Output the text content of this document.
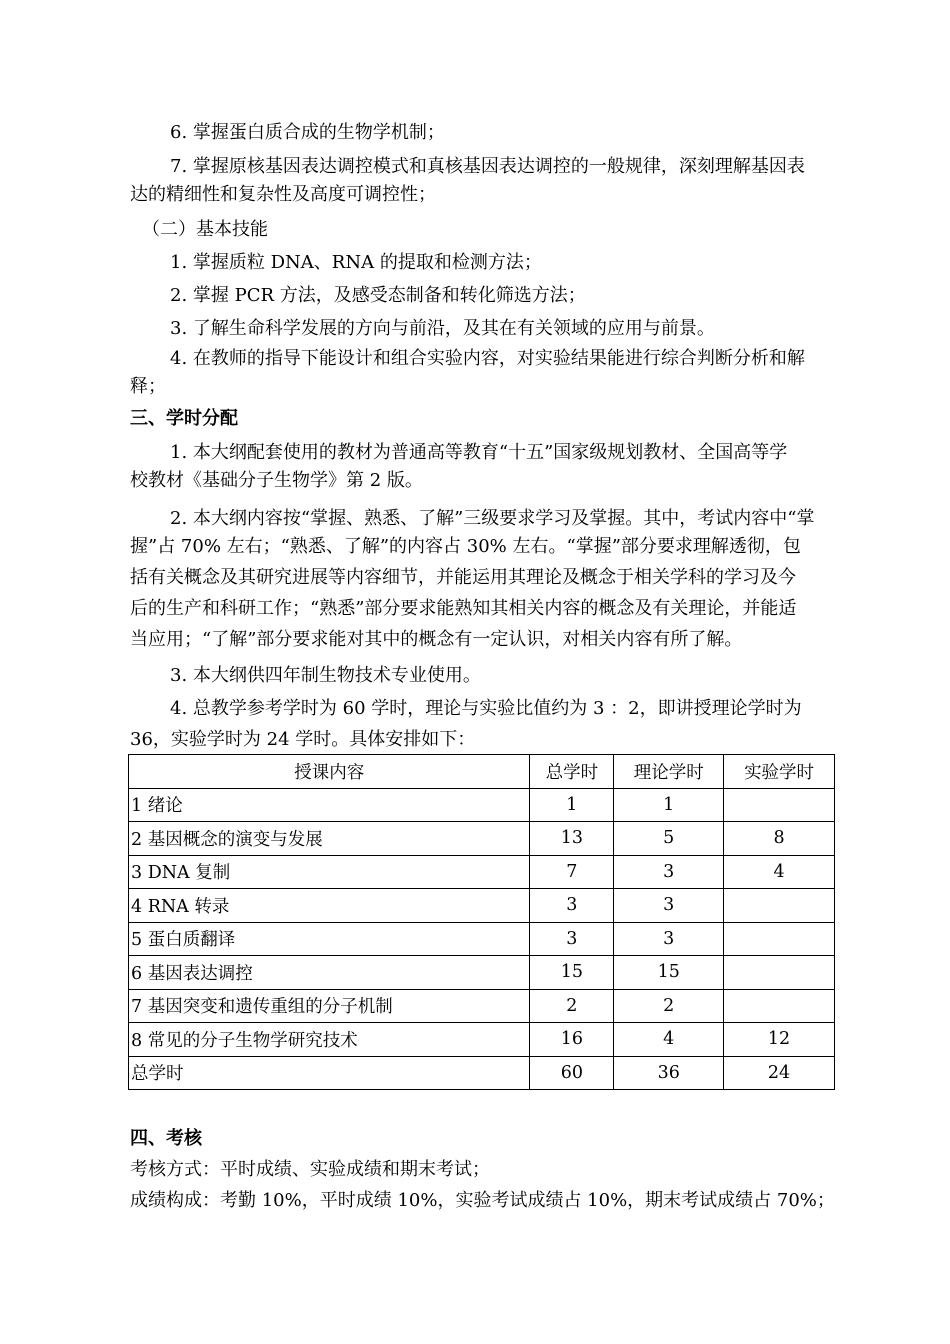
6. 掌握蛋白质合成的生物学机制；
7. 掌握原核基因表达调控模式和真核基因表达调控的一般规律，深刻理解基因表
达的精细性和复杂性及高度可调控性；
（二）基本技能
1. 掌握质粒 DNA、RNA 的提取和检测方法；
2. 掌握 PCR 方法，及感受态制备和转化筛选方法；
3. 了解生命科学发展的方向与前沿，及其在有关领域的应用与前景。
4. 在教师的指导下能设计和组合实验内容，对实验结果能进行综合判断分析和解
释；
三、学时分配
1. 本大纲配套使用的教材为普通高等教育“十五”国家级规划教材、全国高等学
校教材《基础分子生物学》第 2 版。
2. 本大纲内容按“掌握、熟悉、了解”三级要求学习及掌握。其中，考试内容中“掌
握”占 70% 左右；“熟悉、了解”的内容占 30% 左右。“掌握”部分要求理解透彻，包
括有关概念及其研究进展等内容细节，并能运用其理论及概念于相关学科的学习及今
后的生产和科研工作；“熟悉”部分要求能熟知其相关内容的概念及有关理论，并能适
当应用；“了解”部分要求能对其中的概念有一定认识，对相关内容有所了解。
3. 本大纲供四年制生物技术专业使用。
4. 总教学参考学时为 60 学时，理论与实验比值约为 3 ：2，即讲授理论学时为
36，实验学时为 24 学时。具体安排如下：
授课内容	总学时	理论学时	实验学时
1 绪论	1	1	
2 基因概念的演变与发展	13	5	8
3 DNA 复制	7	3	4
4 RNA 转录	3	3	
5 蛋白质翻译	3	3	
6 基因表达调控	15	15	
7 基因突变和遗传重组的分子机制	2	2	
8 常见的分子生物学研究技术	16	4	12
总学时	60	36	24
四、考核
考核方式：平时成绩、实验成绩和期末考试；
成绩构成：考勤 10%，平时成绩 10%，实验考试成绩占 10%，期末考试成绩占 70%；
